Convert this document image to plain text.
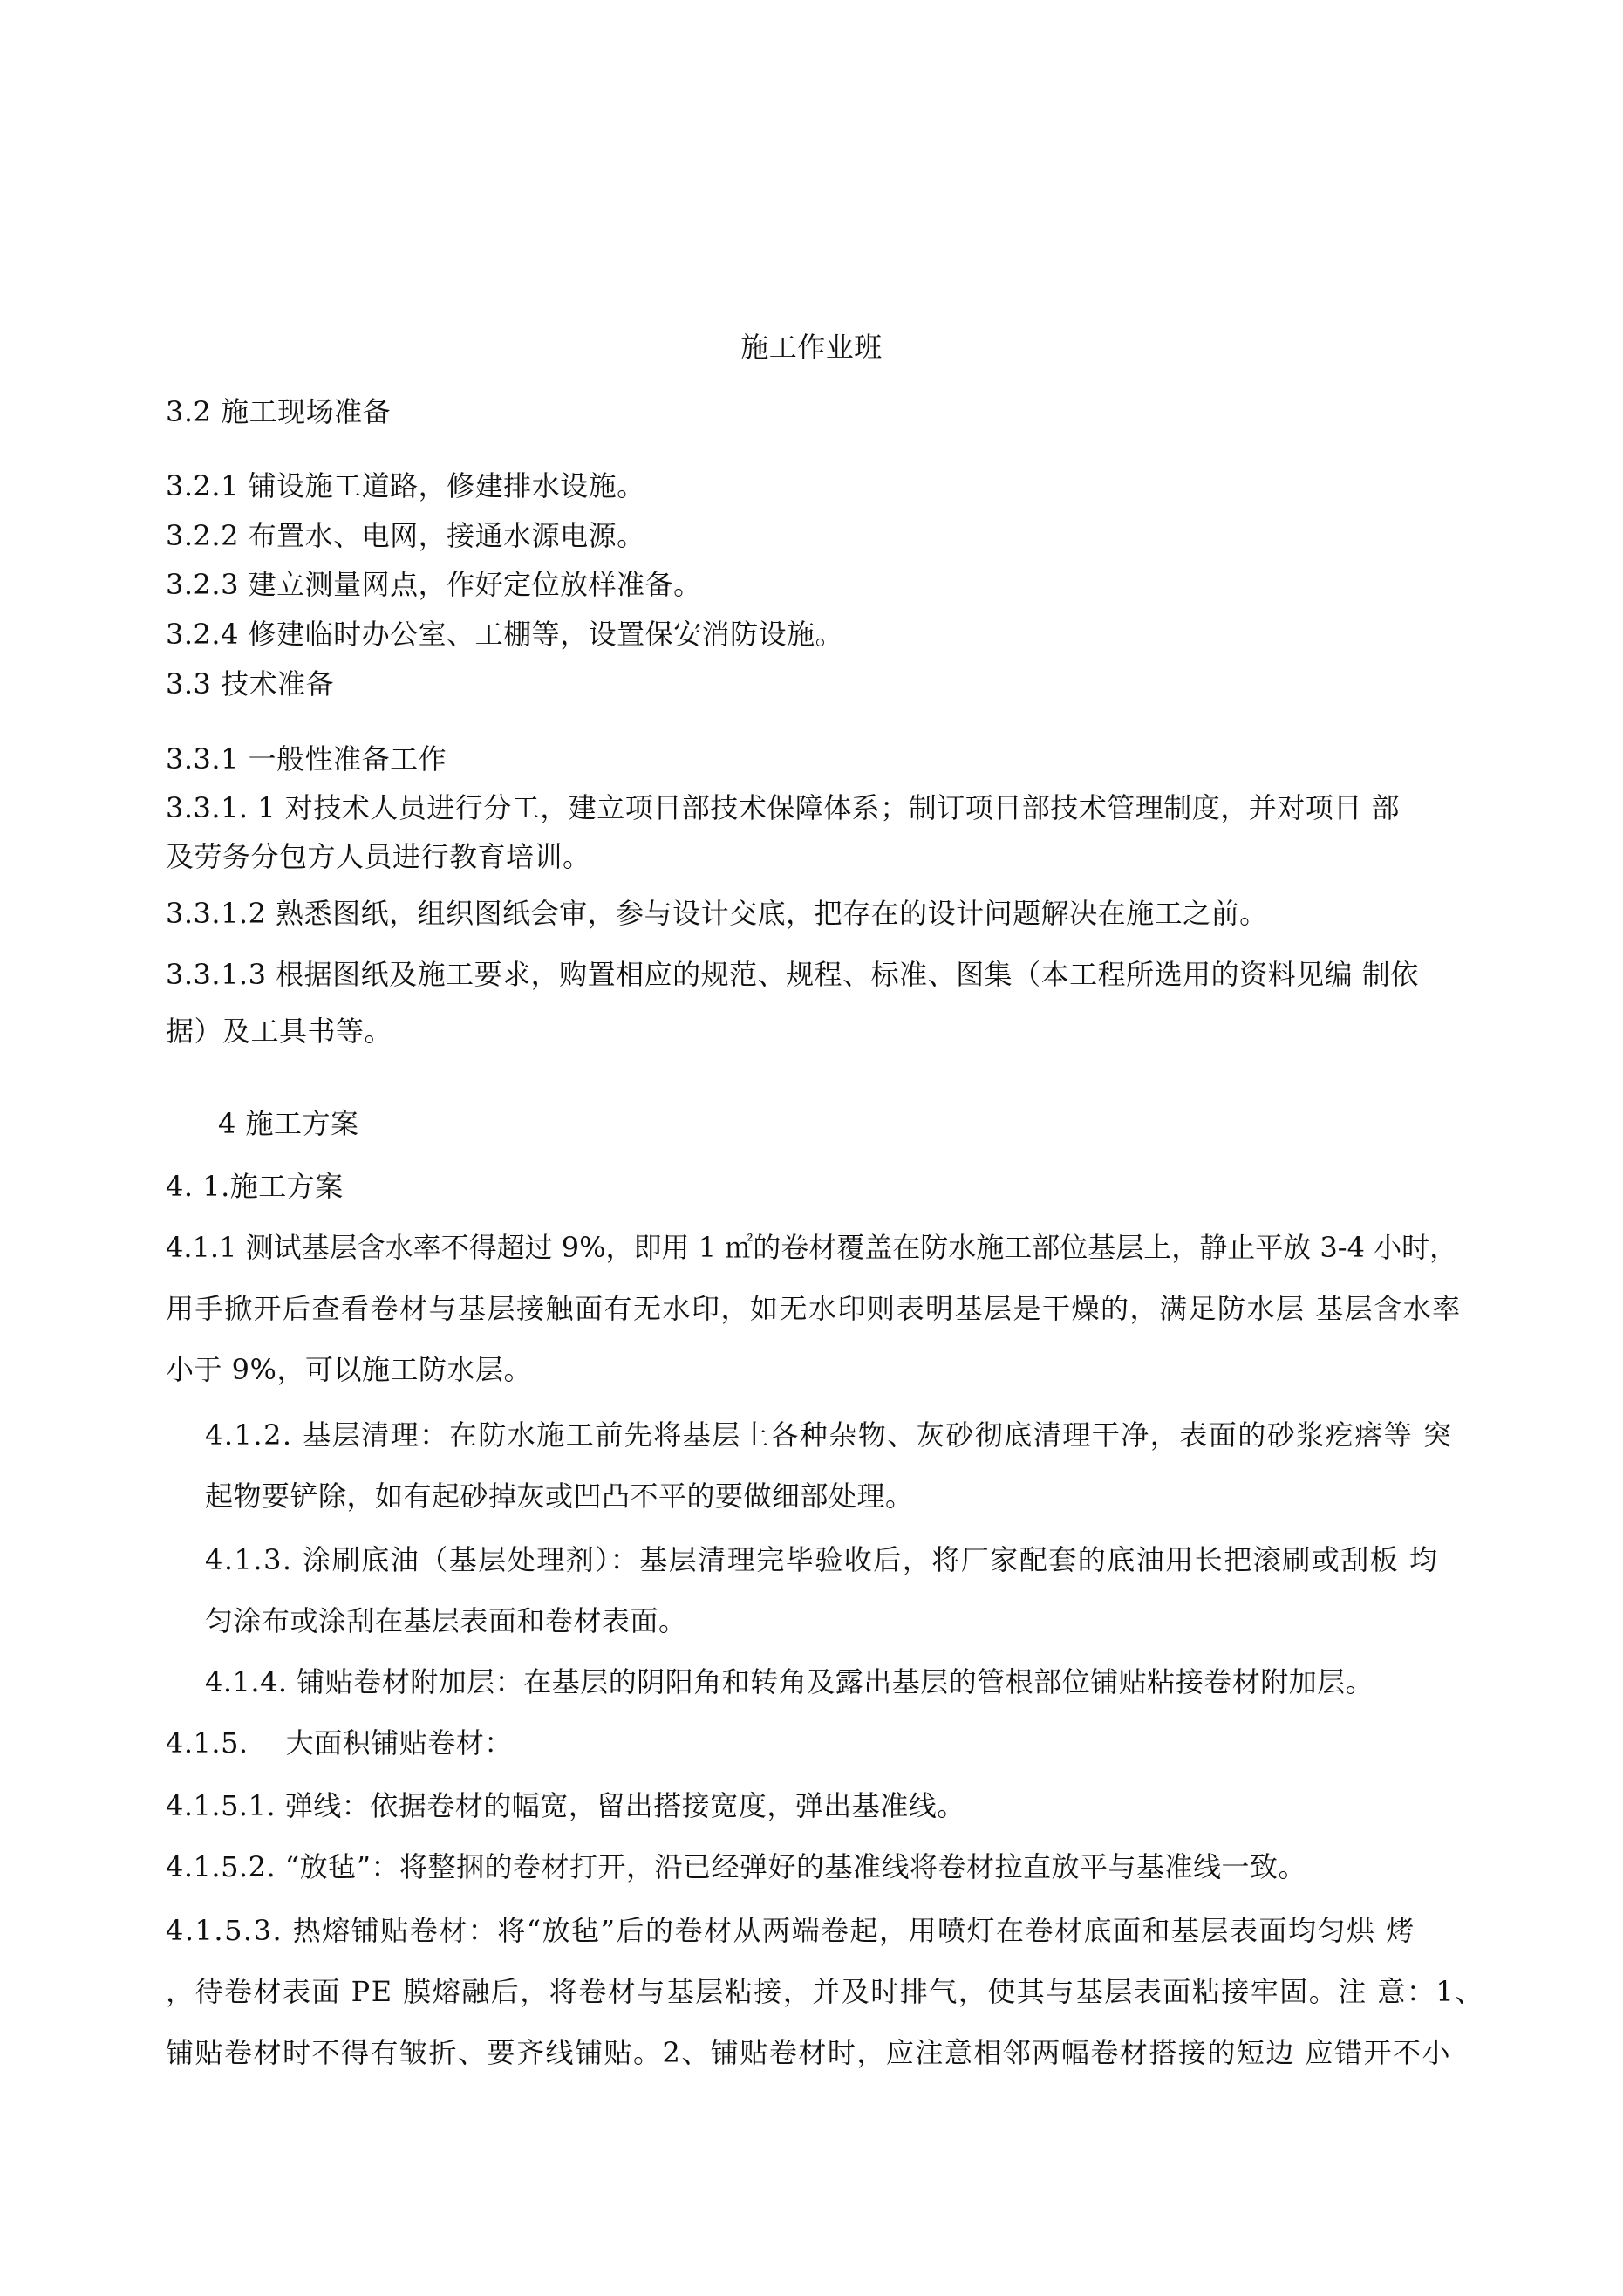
施工作业班
3.2 施工现场准备
3.2.1 铺设施工道路，修建排水设施。
3.2.2 布置水、电网，接通水源电源。
3.2.3 建立测量网点，作好定位放样准备。
3.2.4 修建临时办公室、工棚等，设置保安消防设施。
3.3 技术准备
3.3.1 一般性准备工作
3.3.1. 1 对技术人员进行分工，建立项目部技术保障体系；制订项目部技术管理制度，并对项目 部
及劳务分包方人员进行教育培训。
3.3.1.2 熟悉图纸，组织图纸会审，参与设计交底，把存在的设计问题解决在施工之前。
3.3.1.3 根据图纸及施工要求，购置相应的规范、规程、标准、图集（本工程所选用的资料见编 制依
据）及工具书等。
4 施工方案
4. 1.施工方案
4.1.1 测试基层含水率不得超过 9%，即用 1 ㎡的卷材覆盖在防水施工部位基层上，静止平放 3-4 小时，
用手掀开后查看卷材与基层接触面有无水印，如无水印则表明基层是干燥的，满足防水层 基层含水率
小于 9%，可以施工防水层。
4.1.2. 基层清理：在防水施工前先将基层上各种杂物、灰砂彻底清理干净，表面的砂浆疙瘩等 突
起物要铲除，如有起砂掉灰或凹凸不平的要做细部处理。
4.1.3. 涂刷底油（基层处理剂）：基层清理完毕验收后，将厂家配套的底油用长把滚刷或刮板 均
匀涂布或涂刮在基层表面和卷材表面。
4.1.4. 铺贴卷材附加层：在基层的阴阳角和转角及露出基层的管根部位铺贴粘接卷材附加层。
4.1.5.　 大面积铺贴卷材：
4.1.5.1. 弹线：依据卷材的幅宽，留出搭接宽度，弹出基准线。
4.1.5.2. “放毡”：将整捆的卷材打开，沿已经弹好的基准线将卷材拉直放平与基准线一致。
4.1.5.3. 热熔铺贴卷材：将“放毡”后的卷材从两端卷起，用喷灯在卷材底面和基层表面均匀烘 烤
，待卷材表面 PE 膜熔融后，将卷材与基层粘接，并及时排气，使其与基层表面粘接牢固。注 意：1、
铺贴卷材时不得有皱折、要齐线铺贴。2、铺贴卷材时，应注意相邻两幅卷材搭接的短边 应错开不小
